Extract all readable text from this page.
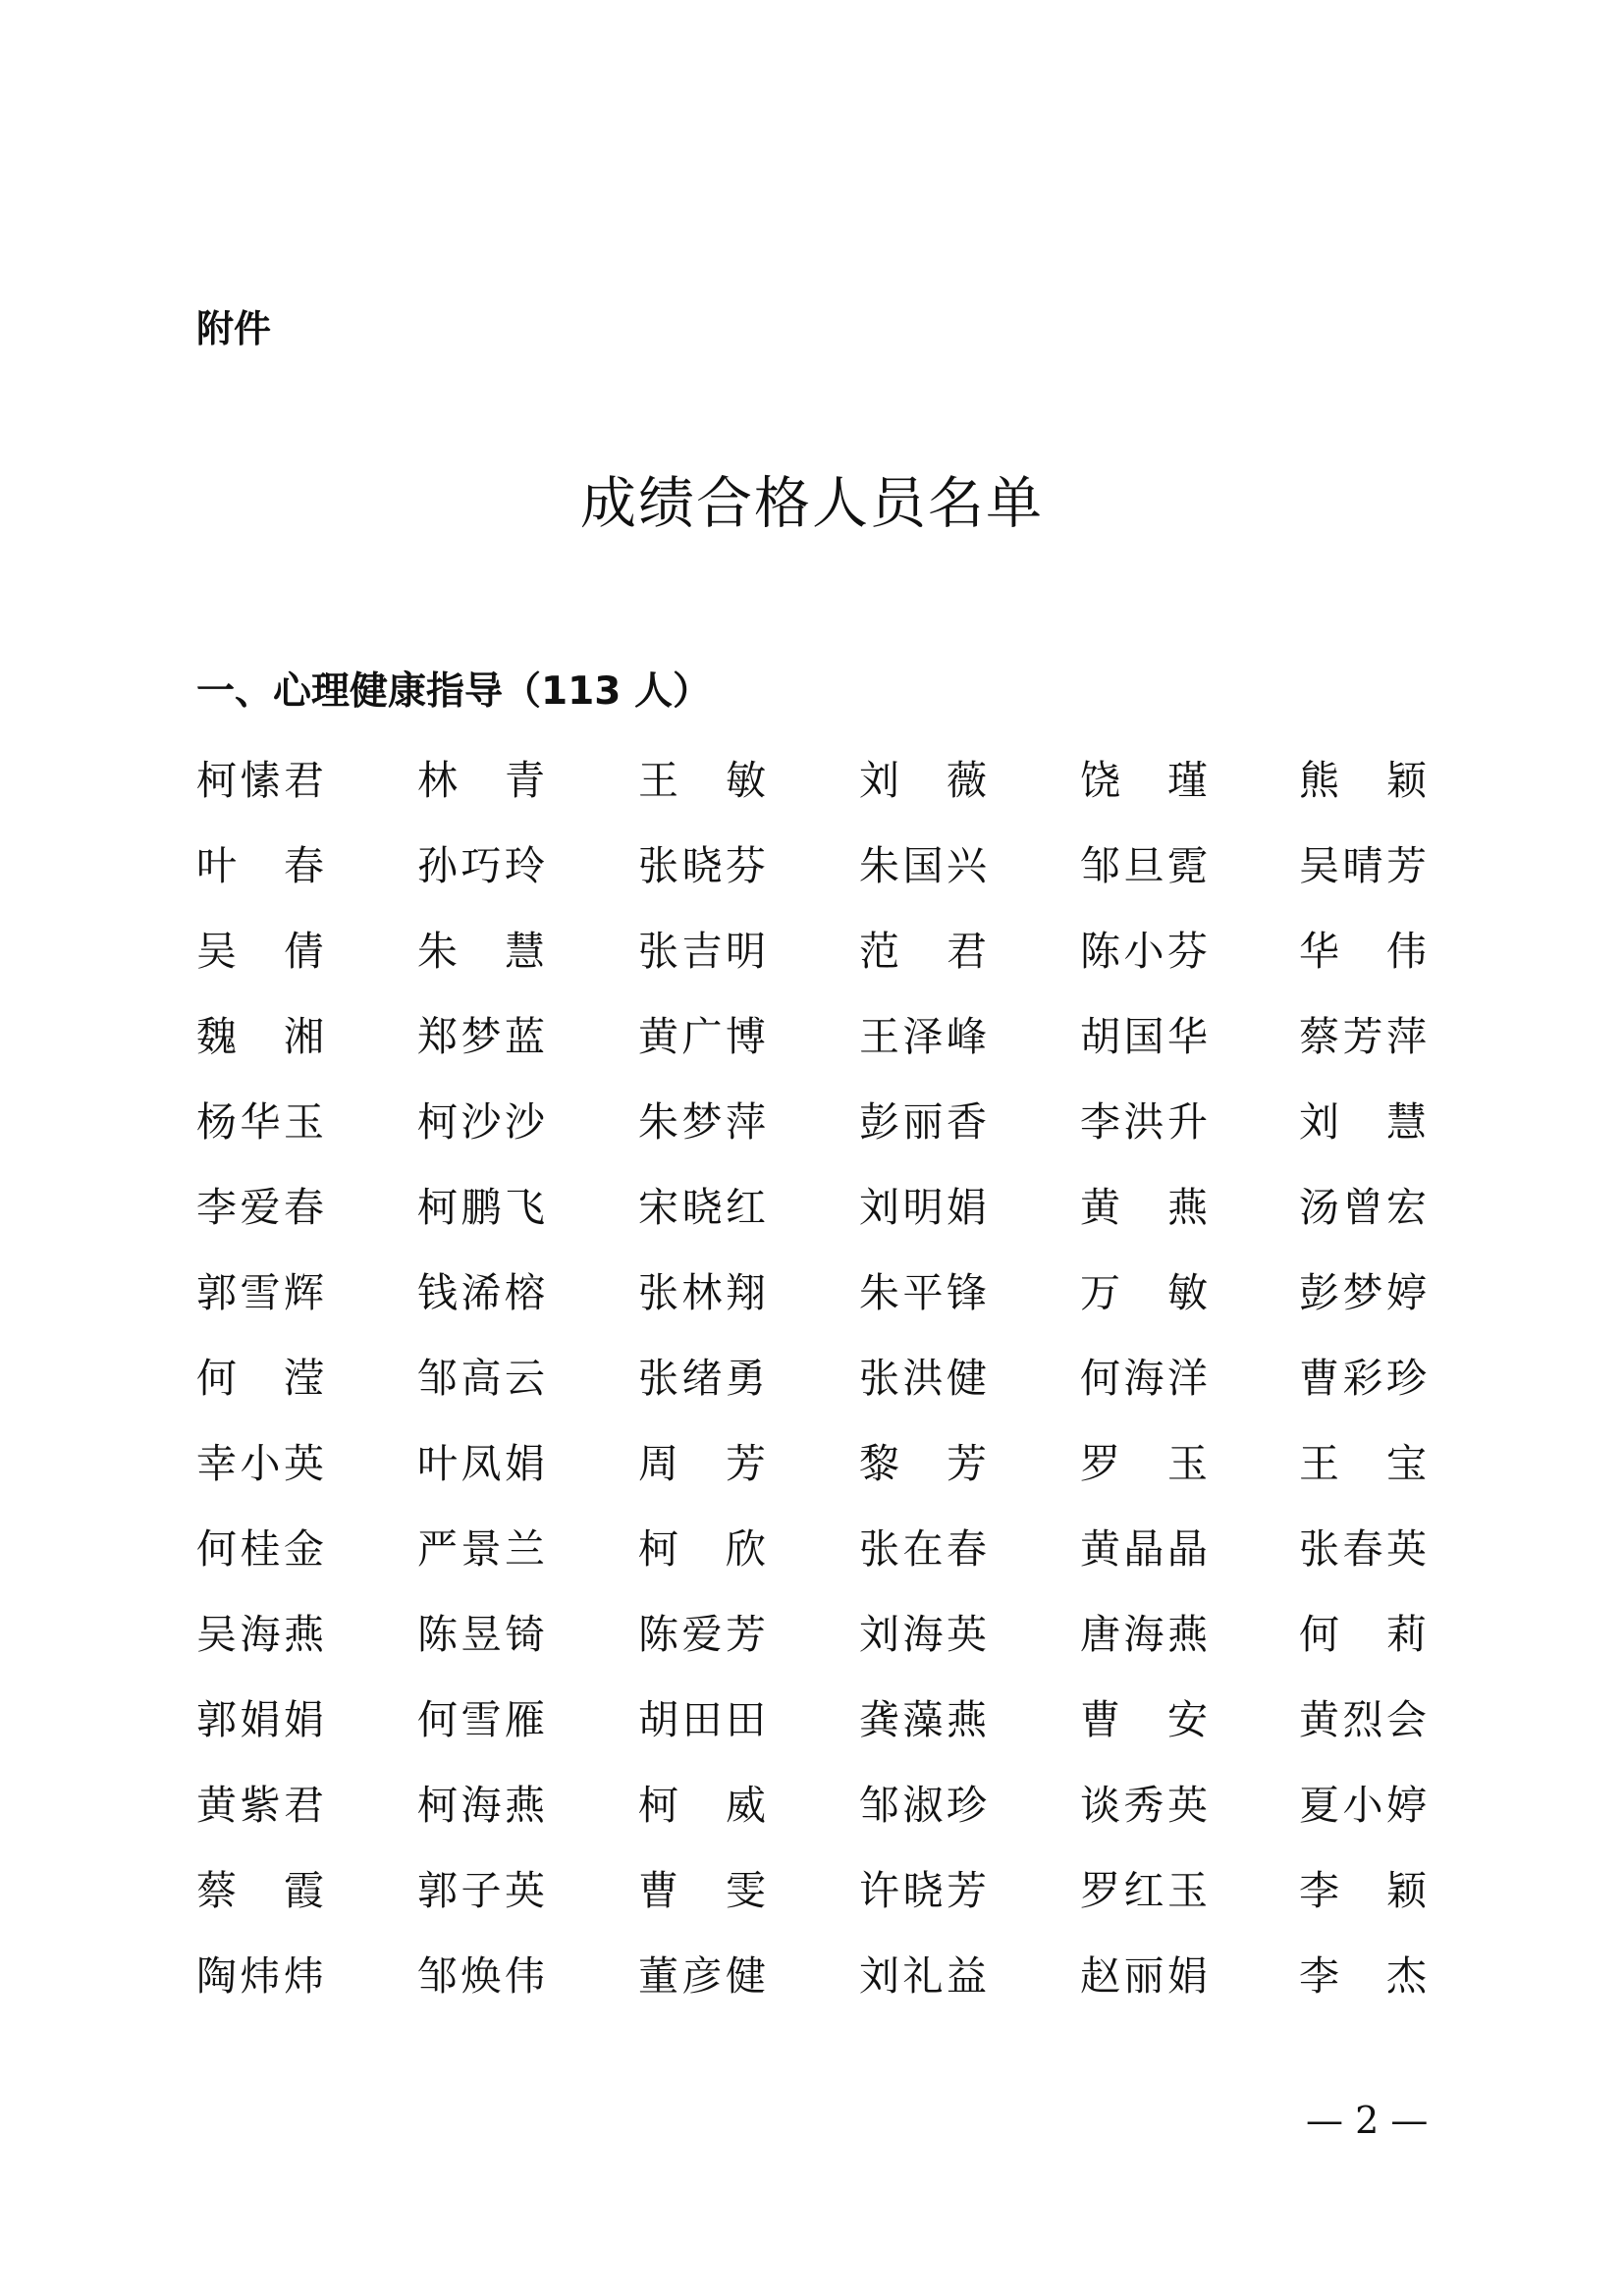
附件
成绩合格人员名单
一、心理健康指导（113 人）
柯 愫 君 林 青 王 敏 刘 薇 饶 瑾 熊 颖
叶 春 孙 巧 玲 张 晓 芬 朱 国 兴 邹 旦 霓 吴 晴 芳
吴 倩 朱 慧 张 吉 明 范 君 陈 小 芬 华 伟
魏 湘 郑 梦 蓝 黄 广 博 王 泽 峰 胡 国 华 蔡 芳 萍
杨 华 玉 柯 沙 沙 朱 梦 萍 彭 丽 香 李 洪 升 刘 慧
李 爱 春 柯 鹏 飞 宋 晓 红 刘 明 娟 黄 燕 汤 曾 宏
郭 雪 辉 钱 浠 榕 张 林 翔 朱 平 锋 万 敏 彭 梦 婷
何 滢 邹 高 云 张 绪 勇 张 洪 健 何 海 洋 曹 彩 珍
幸 小 英 叶 凤 娟 周 芳 黎 芳 罗 玉 王 宝
何 桂 金 严 景 兰 柯 欣 张 在 春 黄 晶 晶 张 春 英
吴 海 燕 陈 昱 锜 陈 爱 芳 刘 海 英 唐 海 燕 何 莉
郭 娟 娟 何 雪 雁 胡 田 田 龚 藻 燕 曹 安 黄 烈 会
黄 紫 君 柯 海 燕 柯 威 邹 淑 珍 谈 秀 英 夏 小 婷
蔡 霞 郭 子 英 曹 雯 许 晓 芳 罗 红 玉 李 颖
陶 炜 炜 邹 焕 伟 董 彦 健 刘 礼 益 赵 丽 娟 李 杰
— 2 —
